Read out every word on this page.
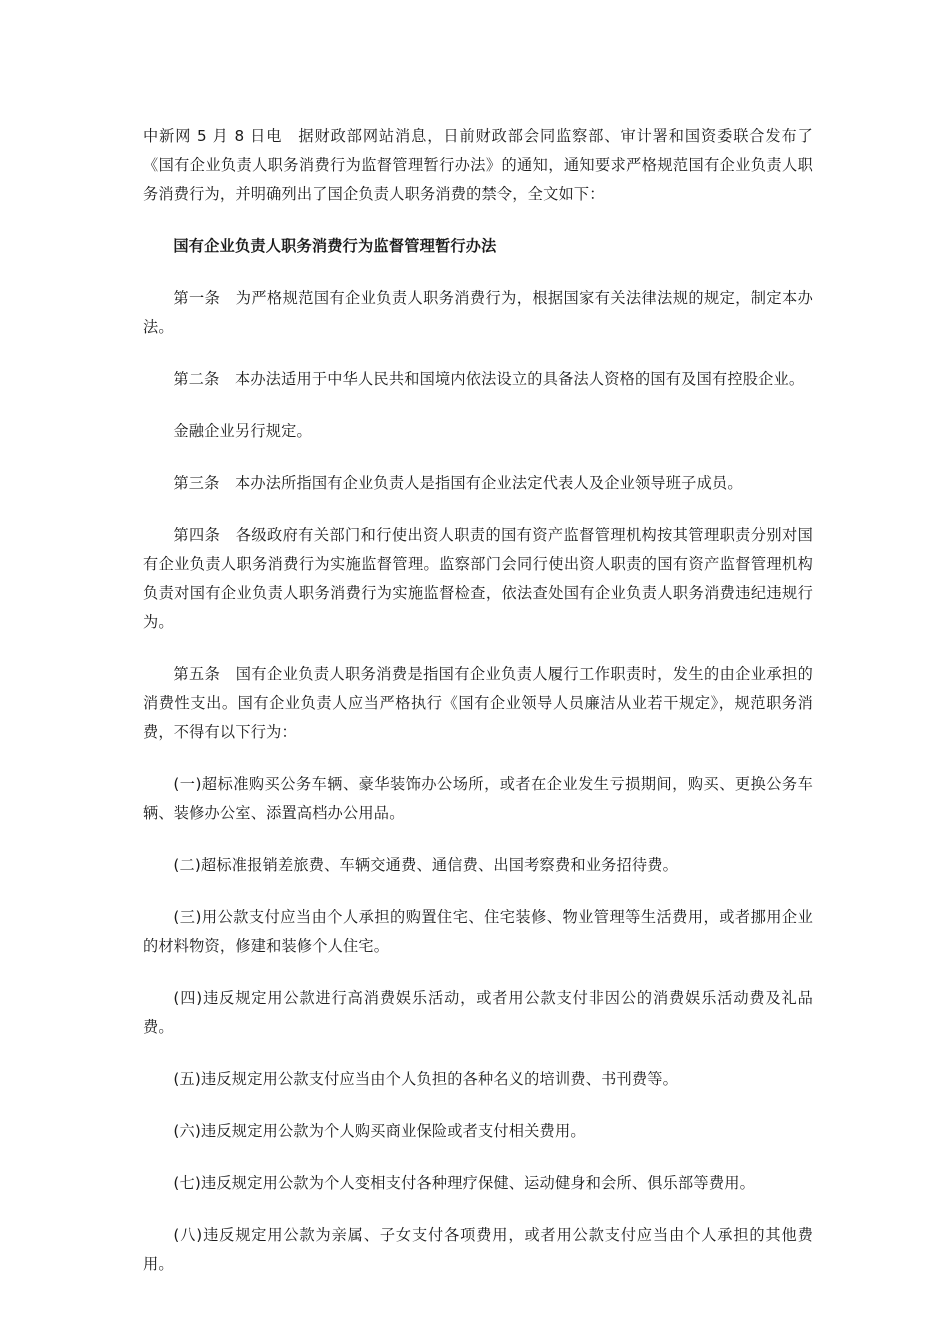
中新网 5 月 8 日电　据财政部网站消息，日前财政部会同监察部、审计署和国资委联合发布了《国有企业负责人职务消费行为监督管理暂行办法》的通知，通知要求严格规范国有企业负责人职务消费行为，并明确列出了国企负责人职务消费的禁令，全文如下：

国有企业负责人职务消费行为监督管理暂行办法

第一条　为严格规范国有企业负责人职务消费行为，根据国家有关法律法规的规定，制定本办法。

第二条　本办法适用于中华人民共和国境内依法设立的具备法人资格的国有及国有控股企业。

金融企业另行规定。

第三条　本办法所指国有企业负责人是指国有企业法定代表人及企业领导班子成员。

第四条　各级政府有关部门和行使出资人职责的国有资产监督管理机构按其管理职责分别对国有企业负责人职务消费行为实施监督管理。监察部门会同行使出资人职责的国有资产监督管理机构负责对国有企业负责人职务消费行为实施监督检查，依法查处国有企业负责人职务消费违纪违规行为。

第五条　国有企业负责人职务消费是指国有企业负责人履行工作职责时，发生的由企业承担的消费性支出。国有企业负责人应当严格执行《国有企业领导人员廉洁从业若干规定》，规范职务消费，不得有以下行为：

(一)超标准购买公务车辆、豪华装饰办公场所，或者在企业发生亏损期间，购买、更换公务车辆、装修办公室、添置高档办公用品。

(二)超标准报销差旅费、车辆交通费、通信费、出国考察费和业务招待费。

(三)用公款支付应当由个人承担的购置住宅、住宅装修、物业管理等生活费用，或者挪用企业的材料物资，修建和装修个人住宅。

(四)违反规定用公款进行高消费娱乐活动，或者用公款支付非因公的消费娱乐活动费及礼品费。

(五)违反规定用公款支付应当由个人负担的各种名义的培训费、书刊费等。

(六)违反规定用公款为个人购买商业保险或者支付相关费用。

(七)违反规定用公款为个人变相支付各种理疗保健、运动健身和会所、俱乐部等费用。

(八)违反规定用公款为亲属、子女支付各项费用，或者用公款支付应当由个人承担的其他费用。
